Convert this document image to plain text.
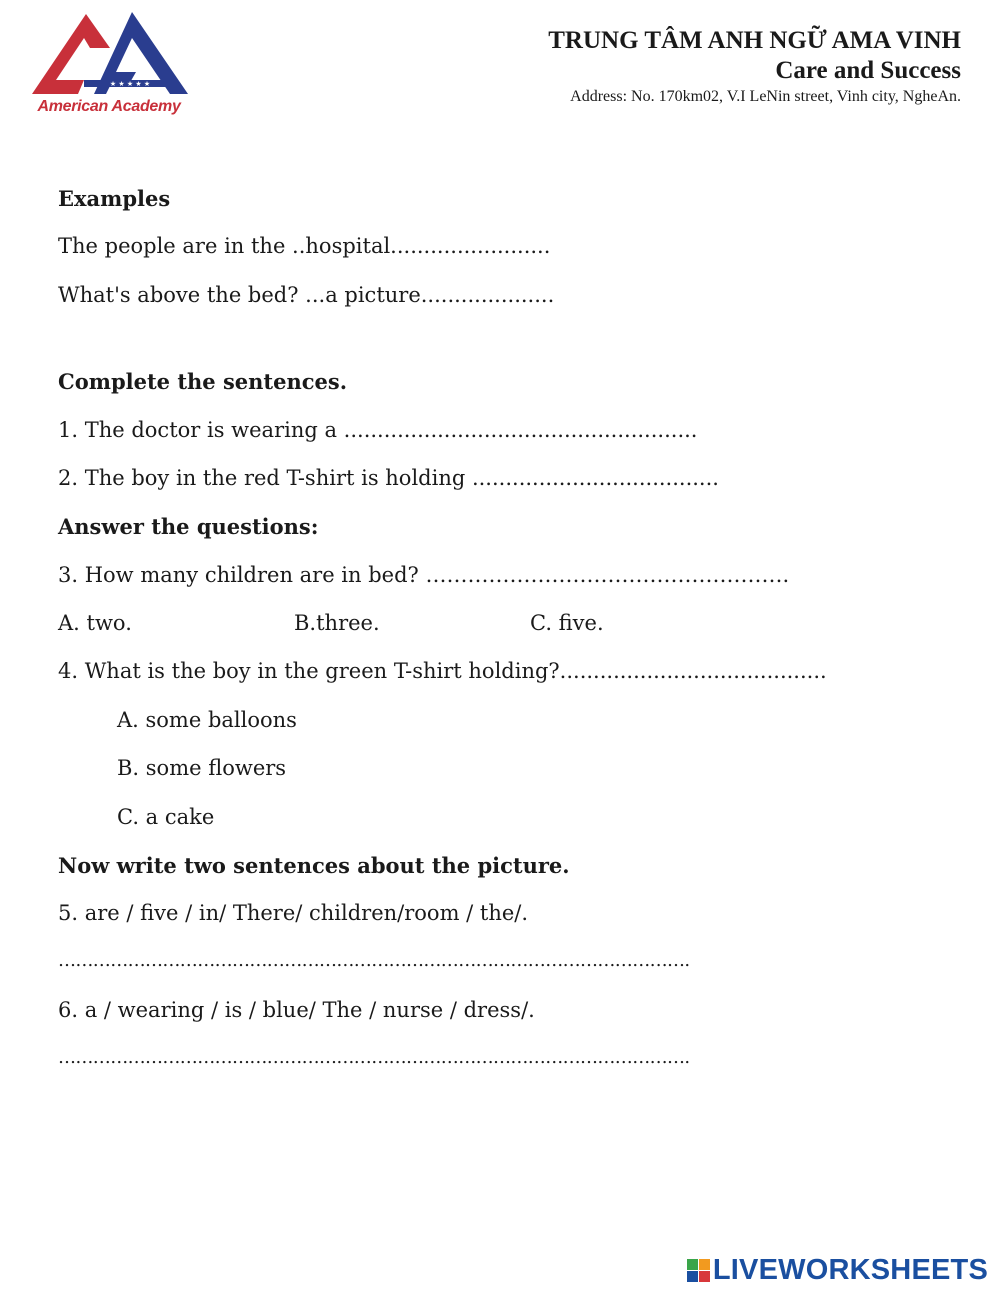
★ ★ ★ ★ ★
American Academy
TRUNG TÂM ANH NGỮ AMA VINH
Care and Success
Address: No. 170km02, V.I LeNin street, Vinh city, NgheAn.
Examples
The people are in the ..hospital........................
What's above the bed? ...a picture....................
Complete the sentences.
1. The doctor is wearing a .....................................................
2. The boy in the red T-shirt is holding .....................................
Answer the questions:
3. How many children are in bed? …………………………………………….
A. two.	B.three.	C. five.
4. What is the boy in the green T-shirt holding?........................................
A. some balloons
B. some flowers
C. a cake
Now write two sentences about the picture.
5. are / five / in/ There/ children/room / the/.
……………………………………………………………………………………………….
6. a / wearing / is / blue/ The / nurse / dress/.
……………………………………………………………………………………………….
LIVEWORKSHEETS
